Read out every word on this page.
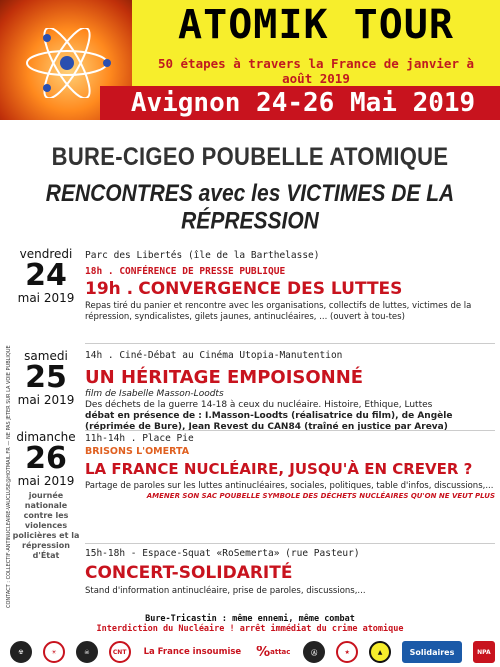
ATOMIK TOUR
50 étapes à travers la France de janvier à août 2019
Avignon 24-26 Mai 2019
BURE-CIGEO POUBELLE ATOMIQUE
RENCONTRES avec les VICTIMES DE LA RÉPRESSION
CONTACT : COLLECTIF-ANTINUCLEAIRE-VAUCLUSE@HOTMAIL.FR — NE PAS JETER SUR LA VOIE PUBLIQUE
vendredi
24
mai 2019
Parc des Libertés (île de la Barthelasse)
18h . CONFÉRENCE DE PRESSE PUBLIQUE
19h . CONVERGENCE DES LUTTES
Repas tiré du panier et rencontre avec les organisations, collectifs de luttes, victimes de la répression, syndicalistes, gilets jaunes, antinucléaires, ... (ouvert à tou-tes)
samedi
25
mai 2019
14h . Ciné-Débat au Cinéma Utopia-Manutention
UN HÉRITAGE EMPOISONNÉ
film de Isabelle Masson-Loodts
Des déchets de la guerre 14-18 à ceux du nucléaire. Histoire, Ethique, Luttes
débat en présence de : I.Masson-Loodts (réalisatrice du film), de Angèle (réprimée de Bure), Jean Revest du CAN84 (traîné en justice par Areva)
dimanche
26
mai 2019
journée nationale contre les violences policières et la répression d'État
11h-14h . Place Pie
BRISONS L'OMERTA
LA FRANCE NUCLÉAIRE, JUSQU'À EN CREVER ?
Partage de paroles sur les luttes antinucléaires, sociales, politiques, table d'infos, discussions,...
AMENER SON SAC POUBELLE SYMBOLE DES DÉCHETS NUCLÉAIRES QU'ON NE VEUT PLUS
15h-18h - Espace-Squat «RoSemerta» (rue Pasteur)
CONCERT-SOLIDARITÉ
Stand d'information antinucléaire, prise de paroles, discussions,...
Bure-Tricastin : même ennemi, même combat
Interdiction du Nucléaire ! arrêt immédiat du crime atomique
☢	☀	☠	CNT La France insoumise % attac	Ⓐ	★	▲	Solidaires	NPA
